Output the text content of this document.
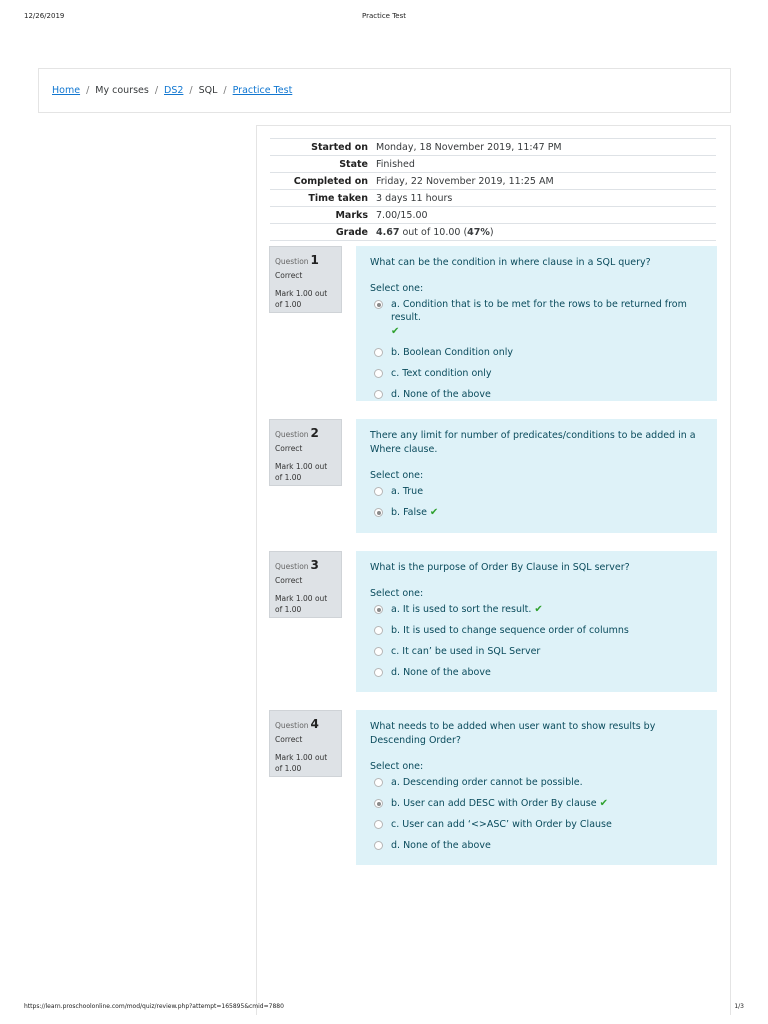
12/26/2019	Practice Test
Home / My courses / DS2 / SQL / Practice Test
Started on	Monday, 18 November 2019, 11:47 PM
State	Finished
Completed on	Friday, 22 November 2019, 11:25 AM
Time taken	3 days 11 hours
Marks	7.00/15.00
Grade	4.67 out of 10.00 (47%)
Question 1
Correct
Mark 1.00 out of 1.00
What can be the condition in where clause in a SQL query?
Select one:
a. Condition that is to be met for the rows to be returned from result.
✔
b. Boolean Condition only
c. Text condition only
d. None of the above
Question 2
Correct
Mark 1.00 out of 1.00
There any limit for number of predicates/conditions to be added in a Where clause.
Select one:
a. True
b. False ✔
Question 3
Correct
Mark 1.00 out of 1.00
What is the purpose of Order By Clause in SQL server?
Select one:
a. It is used to sort the result. ✔
b. It is used to change sequence order of columns
c. It can’ be used in SQL Server
d. None of the above
Question 4
Correct
Mark 1.00 out of 1.00
What needs to be added when user want to show results by Descending Order?
Select one:
a. Descending order cannot be possible.
b. User can add DESC with Order By clause ✔
c. User can add ‘<>ASC’ with Order by Clause
d. None of the above
https://learn.proschoolonline.com/mod/quiz/review.php?attempt=165895&cmid=7880	1/3
